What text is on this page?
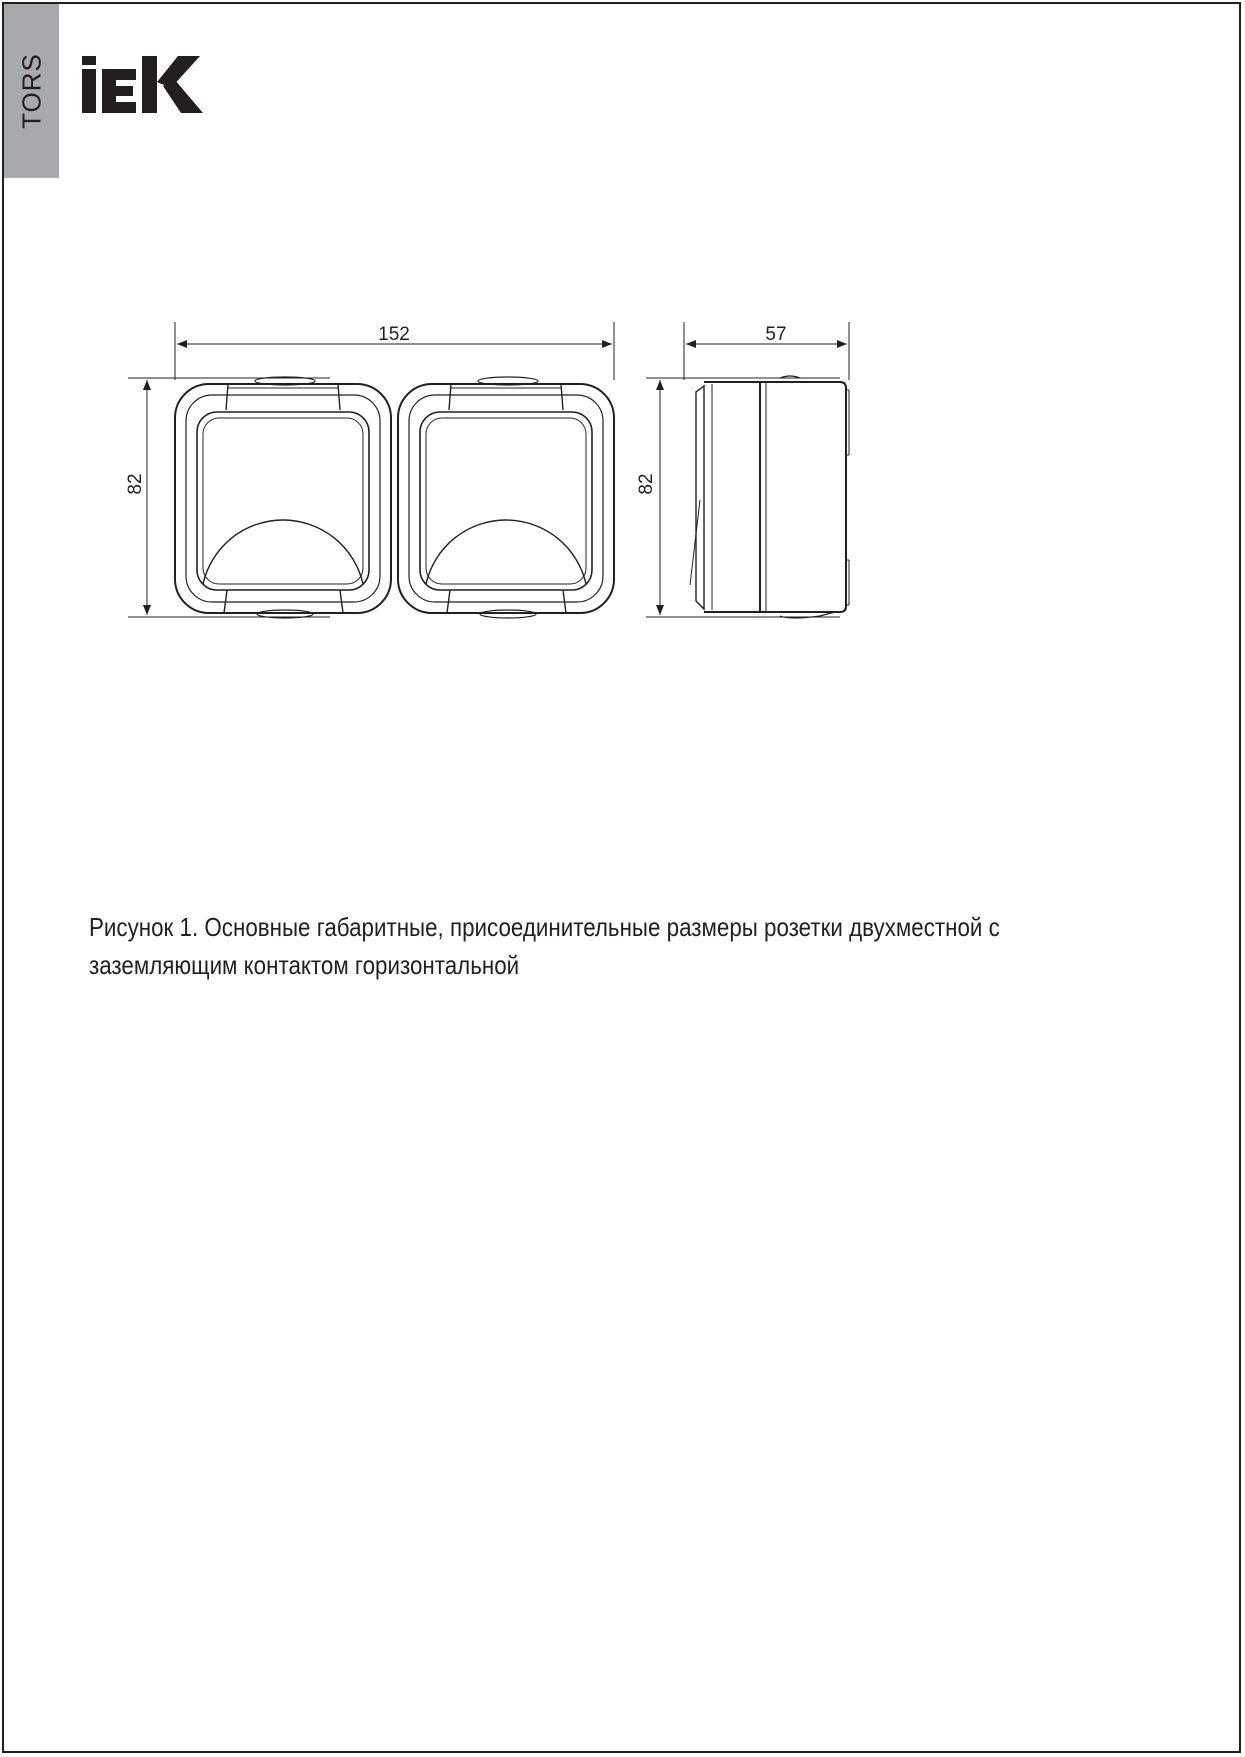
TORS
152
82
57
82
Рисунок 1. Основные габаритные, присоединительные размеры розетки двухместной с заземляющим контактом горизонтальной
